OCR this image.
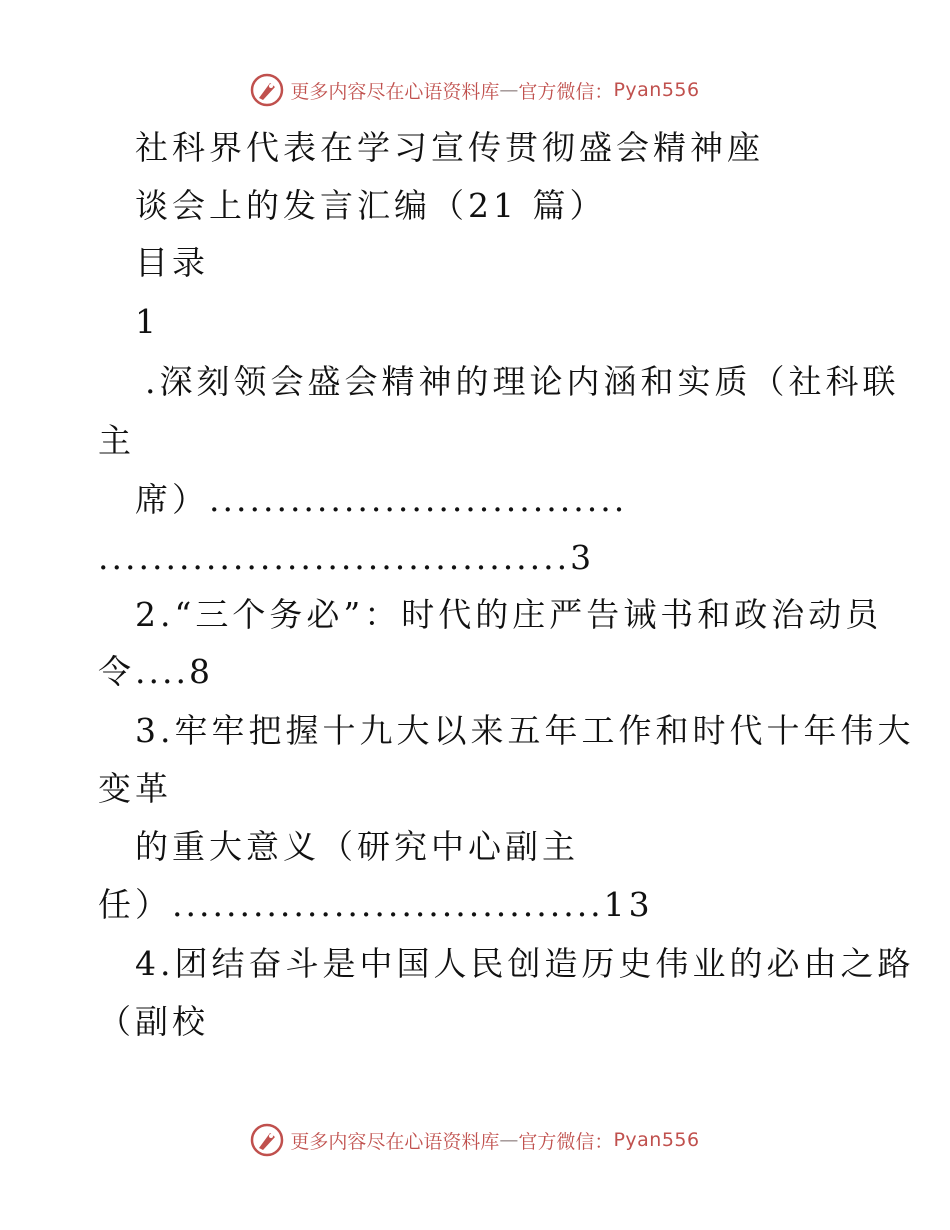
更多内容尽在心语资料库 — 官方微信： Pyan556
社科界代表在学习宣传贯彻盛会精神座
谈会上的发言汇编（21 篇）
目录
1
.深刻领会盛会精神的理论内涵和实质（社科联
主
席）...............................
...................................3
2.“三个务必”：时代的庄严告诫书和政治动员
令....8
3.牢牢把握十九大以来五年工作和时代十年伟大
变革
的重大意义（研究中心副主
任）................................13
4.团结奋斗是中国人民创造历史伟业的必由之路
（副校
更多内容尽在心语资料库 — 官方微信： Pyan556
